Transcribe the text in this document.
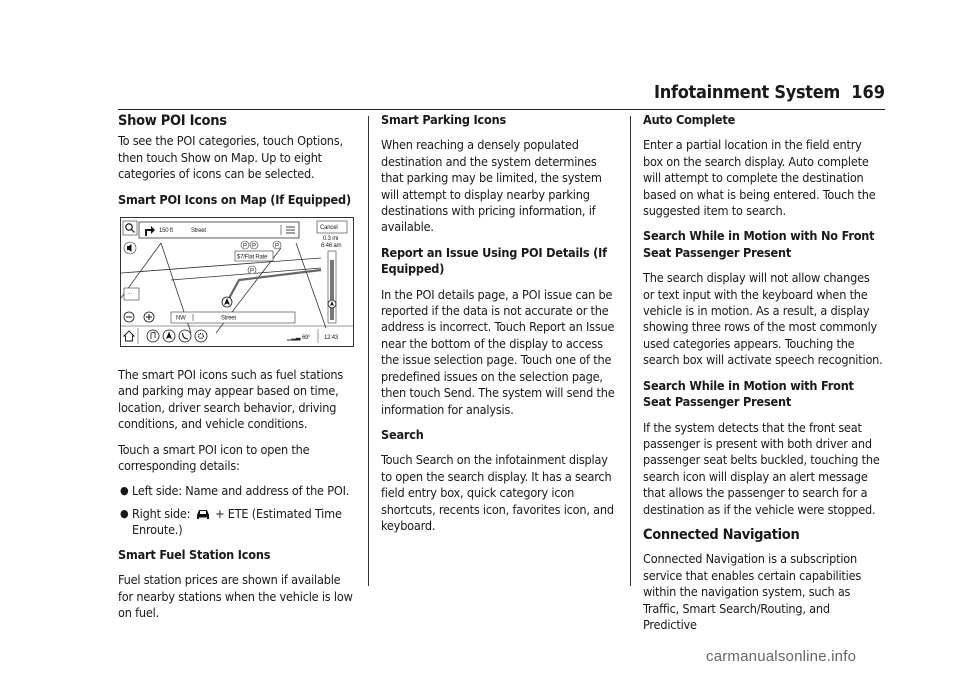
Infotainment System 169
Show POI Icons

To see the POI categories, touch Options, then touch Show on Map. Up to eight categories of icons can be selected.

Smart POI Icons on Map (If Equipped)

150 ft	Street	Cancel
0.3 mi
6:46 am
P P	P
P
$7/Flat Rate
···
NW	Street
▁▂▃ 69° 12:43

The smart POI icons such as fuel stations and parking may appear based on time, location, driver search behavior, driving conditions, and vehicle conditions.

Touch a smart POI icon to open the corresponding details:

● Left side: Name and address of the POI.
● Right side:  + ETE (Estimated Time Enroute.)

Smart Fuel Station Icons

Fuel station prices are shown if available for nearby stations when the vehicle is low on fuel.

Smart Parking Icons

When reaching a densely populated destination and the system determines that parking may be limited, the system will attempt to display nearby parking destinations with pricing information, if available.

Report an Issue Using POI Details (If Equipped)

In the POI details page, a POI issue can be reported if the data is not accurate or the address is incorrect. Touch Report an Issue near the bottom of the display to access the issue selection page. Touch one of the predefined issues on the selection page, then touch Send. The system will send the information for analysis.

Search

Touch Search on the infotainment display to open the search display. It has a search field entry box, quick category icon shortcuts, recents icon, favorites icon, and keyboard.

Auto Complete

Enter a partial location in the field entry box on the search display. Auto complete will attempt to complete the destination based on what is being entered. Touch the suggested item to search.

Search While in Motion with No Front Seat Passenger Present

The search display will not allow changes or text input with the keyboard when the vehicle is in motion. As a result, a display showing three rows of the most commonly used categories appears. Touching the search box will activate speech recognition.

Search While in Motion with Front Seat Passenger Present

If the system detects that the front seat passenger is present with both driver and passenger seat belts buckled, touching the search icon will display an alert message that allows the passenger to search for a destination as if the vehicle were stopped.

Connected Navigation

Connected Navigation is a subscription service that enables certain capabilities within the navigation system, such as Traffic, Smart Search/Routing, and Predictive

carmanualsonline.info
